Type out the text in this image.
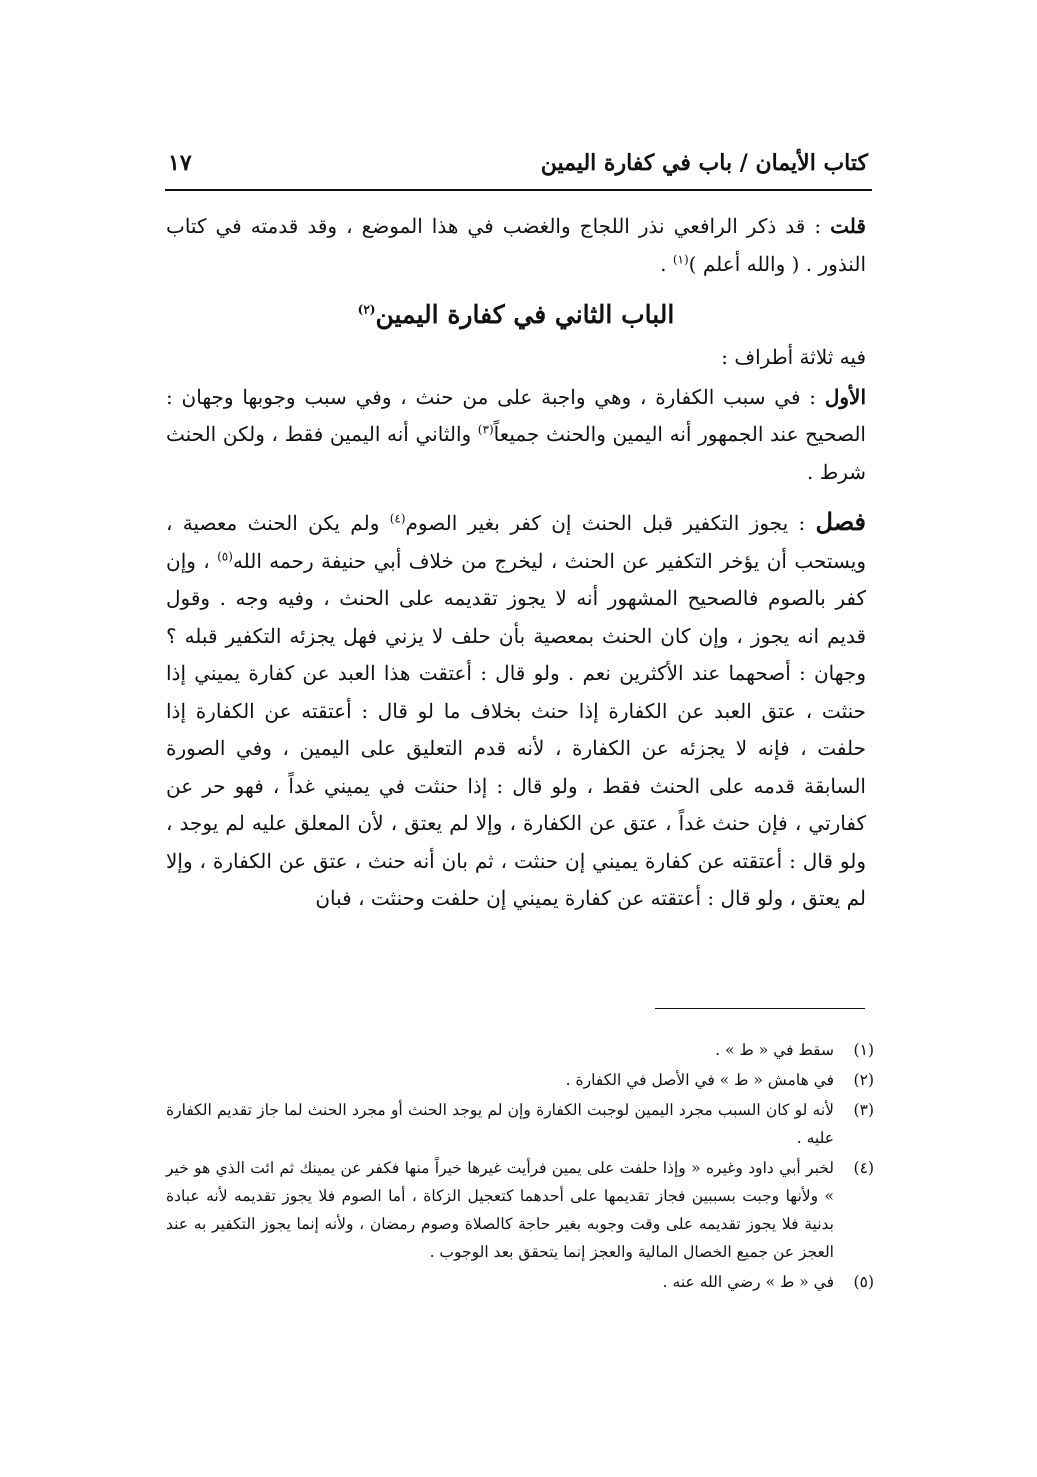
كتاب الأيمان / باب في كفارة اليمين
١٧

قلت : قد ذكر الرافعي نذر اللجاج والغضب في هذا الموضع ، وقد قدمته في كتاب النذور . ( والله أعلم )$^{(١)}$ .

الباب الثاني في كفارة اليمين$^{(٢)}$

فيه ثلاثة أطراف :

الأول : في سبب الكفارة ، وهي واجبة على من حنث ، وفي سبب وجوبها وجهان : الصحيح عند الجمهور أنه اليمين والحنث جميعاً$^{(٣)}$ والثاني أنه اليمين فقط ، ولكن الحنث شرط .

فصل : يجوز التكفير قبل الحنث إن كفر بغير الصوم$^{(٤)}$ ولم يكن الحنث معصية ، ويستحب أن يؤخر التكفير عن الحنث ، ليخرج من خلاف أبي حنيفة رحمه الله$^{(٥)}$ ، وإن كفر بالصوم فالصحيح المشهور أنه لا يجوز تقديمه على الحنث ، وفيه وجه . وقول قديم انه يجوز ، وإن كان الحنث بمعصية بأن حلف لا يزني فهل يجزئه التكفير قبله ؟ وجهان : أصحهما عند الأكثرين نعم . ولو قال : أعتقت هذا العبد عن كفارة يميني إذا حنثت ، عتق العبد عن الكفارة إذا حنث بخلاف ما لو قال : أعتقته عن الكفارة إذا حلفت ، فإنه لا يجزئه عن الكفارة ، لأنه قدم التعليق على اليمين ، وفي الصورة السابقة قدمه على الحنث فقط ، ولو قال : إذا حنثت في يميني غداً ، فهو حر عن كفارتي ، فإن حنث غداً ، عتق عن الكفارة ، وإلا لم يعتق ، لأن المعلق عليه لم يوجد ، ولو قال : أعتقته عن كفارة يميني إن حنثت ، ثم بان أنه حنث ، عتق عن الكفارة ، وإلا لم يعتق ، ولو قال : أعتقته عن كفارة يميني إن حلفت وحنثت ، فبان

(١)
سقط في « ط » .
(٢)
في هامش « ط » في الأصل في الكفارة .
(٣)
لأنه لو كان السبب مجرد اليمين لوجبت الكفارة وإن لم يوجد الحنث أو مجرد الحنث لما جاز تقديم الكفارة عليه .
(٤)
لخبر أبي داود وغيره « وإذا حلفت على يمين فرأيت غيرها خيراً منها فكفر عن يمينك ثم ائت الذي هو خير » ولأنها وجبت بسببين فجاز تقديمها على أحدهما كتعجيل الزكاة ، أما الصوم فلا يجوز تقديمه لأنه عبادة بدنية فلا يجوز تقديمه على وقت وجوبه بغير حاجة كالصلاة وصوم رمضان ، ولأنه إنما يجوز التكفير به عند العجز عن جميع الخصال المالية والعجز إنما يتحقق بعد الوجوب .
(٥)
في « ط » رضي الله عنه .
